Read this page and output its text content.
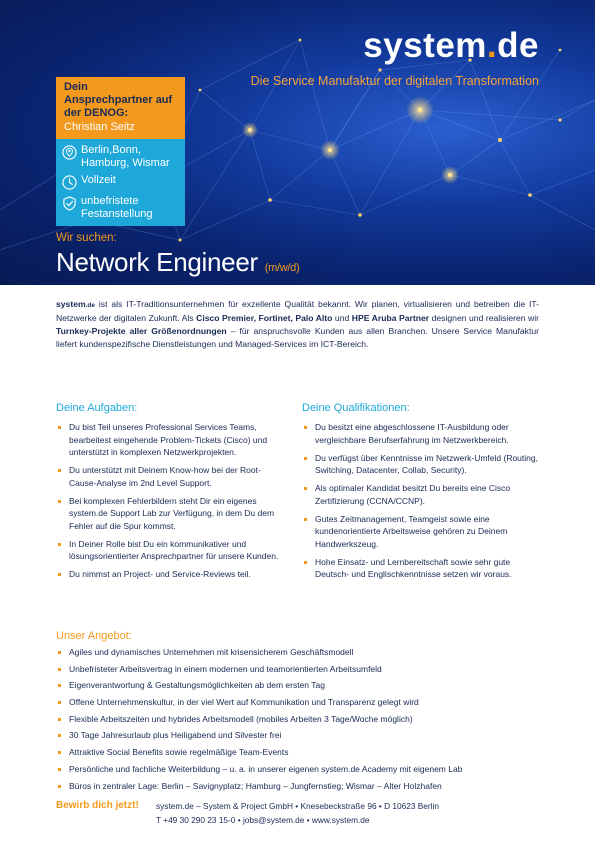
system.de
Die Service Manufaktur der digitalen Transformation
Dein Ansprechpartner auf der DENOG:
Christian Seitz
Berlin,Bonn, Hamburg, Wismar
Vollzeit
unbefristete Festanstellung
Wir suchen:
Network Engineer (m/w/d)

system.de ist als IT-Traditionsunternehmen für exzellente Qualität bekannt. Wir planen, virtualisieren und betreiben die IT-Netzwerke der digitalen Zukunft. Als Cisco Premier, Fortinet, Palo Alto und HPE Aruba Partner designen und realisieren wir Turnkey-Projekte aller Größenordnungen – für anspruchsvolle Kunden aus allen Branchen. Unsere Service Manufaktur liefert kundenspezifische Dienstleistungen und Managed-Services im ICT-Bereich.

Deine Aufgaben:
Du bist Teil unseres Professional Services Teams, bearbeitest eingehende Problem-Tickets (Cisco) und unterstützt in komplexen Netzwerkprojekten.
Du unterstützt mit Deinem Know-how bei der Root-Cause-Analyse im 2nd Level Support.
Bei komplexen Fehlerbildern steht Dir ein eigenes system.de Support Lab zur Verfügung, in dem Du dem Fehler auf die Spur kommst.
In Deiner Rolle bist Du ein kommunikativer und lösungsorientierter Ansprechpartner für unsere Kunden.
Du nimmst an Project- und Service-Reviews teil.
Deine Qualifikationen:
Du besitzt eine abgeschlossene IT-Ausbildung oder vergleichbare Berufserfahrung im Netzwerkbereich.
Du verfügst über Kenntnisse im Netzwerk-Umfeld (Routing, Switching, Datacenter, Collab, Security).
Als optimaler Kandidat besitzt Du bereits eine Cisco Zertifizierung (CCNA/CCNP).
Gutes Zeitmanagement, Teamgeist sowie eine kundenorientierte Arbeitsweise gehören zu Deinem Handwerkszeug.
Hohe Einsatz- und Lernbereitschaft sowie sehr gute Deutsch- und Englischkenntnisse setzen wir voraus.
Unser Angebot:
Agiles und dynamisches Unternehmen mit krisensicherem Geschäftsmodell
Unbefristeter Arbeitsvertrag in einem modernen und teamorientierten Arbeitsumfeld
Eigenverantwortung & Gestaltungsmöglichkeiten ab dem ersten Tag
Offene Unternehmenskultur, in der viel Wert auf Kommunikation und Transparenz gelegt wird
Flexible Arbeitszeiten und hybrides Arbeitsmodell (mobiles Arbeiten 3 Tage/Woche möglich)
30 Tage Jahresurlaub plus Heiligabend und Silvester frei
Attraktive Social Benefits sowie regelmäßige Team-Events
Persönliche und fachliche Weiterbildung – u. a. in unserer eigenen system.de Academy mit eigenem Lab
Büros in zentraler Lage: Berlin – Savignyplatz; Hamburg – Jungfernstieg; Wismar – Alter Holzhafen
Bewirb dich jetzt! system.de – System & Project GmbH • Knesebeckstraße 96 • D 10623 Berlin
T +49 30 290 23 15-0 • jobs@system.de • www.system.de
